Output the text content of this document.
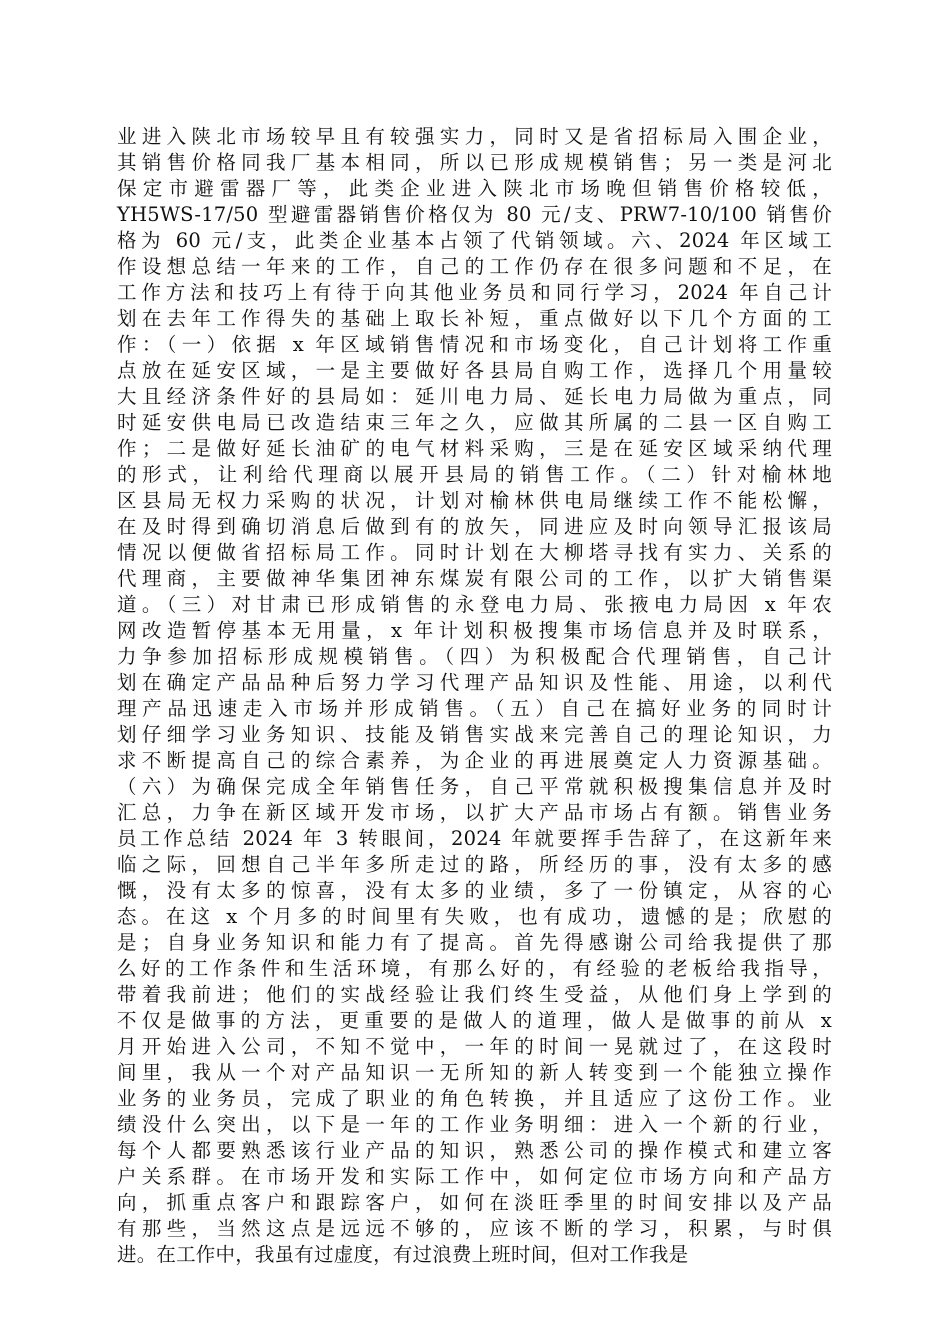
业进入陕北市场较早且有较强实力，同时又是省招标局入围企业，
其销售价格同我厂基本相同，所以已形成规模销售；另一类是河北
保定市避雷器厂等，此类企业进入陕北市场晚但销售价格较低，
YH5WS-17/50 型避雷器销售价格仅为 80 元/支、PRW7-10/100 销售价
格为 60 元/支，此类企业基本占领了代销领域。六、2024 年区域工
作设想总结一年来的工作，自己的工作仍存在很多问题和不足，在
工作方法和技巧上有待于向其他业务员和同行学习，2024 年自己计
划在去年工作得失的基础上取长补短，重点做好以下几个方面的工
作：（一）依据 x 年区域销售情况和市场变化，自己计划将工作重
点放在延安区域，一是主要做好各县局自购工作，选择几个用量较
大且经济条件好的县局如：延川电力局、延长电力局做为重点，同
时延安供电局已改造结束三年之久，应做其所属的二县一区自购工
作；二是做好延长油矿的电气材料采购，三是在延安区域采纳代理
的形式，让利给代理商以展开县局的销售工作。（二）针对榆林地
区县局无权力采购的状况，计划对榆林供电局继续工作不能松懈，
在及时得到确切消息后做到有的放矢，同进应及时向领导汇报该局
情况以便做省招标局工作。同时计划在大柳塔寻找有实力、关系的
代理商，主要做神华集团神东煤炭有限公司的工作，以扩大销售渠
道。（三）对甘肃已形成销售的永登电力局、张掖电力局因 x 年农
网改造暂停基本无用量，x 年计划积极搜集市场信息并及时联系，
力争参加招标形成规模销售。（四）为积极配合代理销售，自己计
划在确定产品品种后努力学习代理产品知识及性能、用途，以利代
理产品迅速走入市场并形成销售。（五）自己在搞好业务的同时计
划仔细学习业务知识、技能及销售实战来完善自己的理论知识，力
求不断提高自己的综合素养，为企业的再进展奠定人力资源基础。
（六）为确保完成全年销售任务，自己平常就积极搜集信息并及时
汇总，力争在新区域开发市场，以扩大产品市场占有额。销售业务
员工作总结 2024 年 3 转眼间，2024 年就要挥手告辞了，在这新年来
临之际，回想自己半年多所走过的路，所经历的事，没有太多的感
慨，没有太多的惊喜，没有太多的业绩，多了一份镇定，从容的心
态。在这 x 个月多的时间里有失败，也有成功，遗憾的是；欣慰的
是；自身业务知识和能力有了提高。首先得感谢公司给我提供了那
么好的工作条件和生活环境，有那么好的，有经验的老板给我指导，
带着我前进；他们的实战经验让我们终生受益，从他们身上学到的
不仅是做事的方法，更重要的是做人的道理，做人是做事的前从 x
月开始进入公司，不知不觉中，一年的时间一晃就过了，在这段时
间里，我从一个对产品知识一无所知的新人转变到一个能独立操作
业务的业务员，完成了职业的角色转换，并且适应了这份工作。业
绩没什么突出，以下是一年的工作业务明细：进入一个新的行业，
每个人都要熟悉该行业产品的知识，熟悉公司的操作模式和建立客
户关系群。在市场开发和实际工作中，如何定位市场方向和产品方
向，抓重点客户和跟踪客户，如何在淡旺季里的时间安排以及产品
有那些，当然这点是远远不够的，应该不断的学习，积累，与时俱
进。在工作中，我虽有过虚度，有过浪费上班时间，但对工作我是
